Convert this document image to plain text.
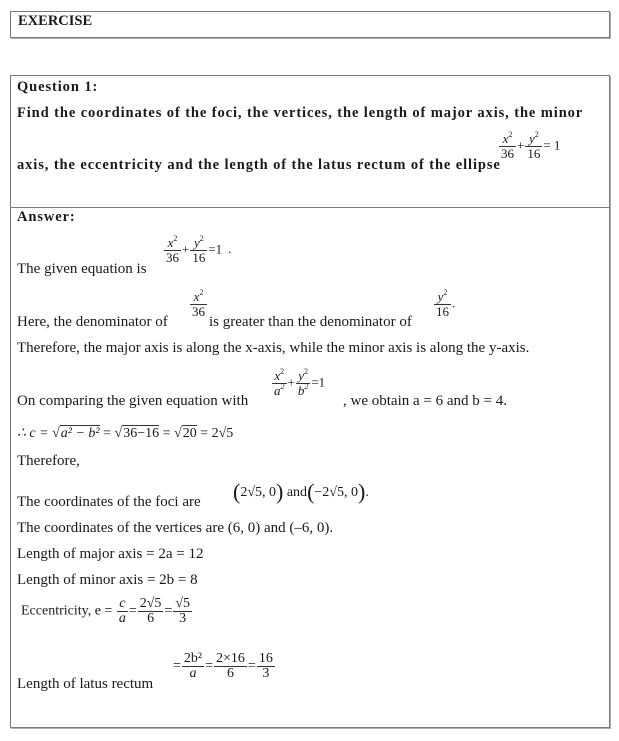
EXERCISE
Question 1:
Find the coordinates of the foci, the vertices, the length of major axis, the minor
axis, the eccentricity and the length of the latus rectum of the ellipse
$\frac{x^2}{36} + \frac{y^2}{16} = 1$
Answer:
The given equation is
$\frac{x^2}{36} + \frac{y^2}{16} =1$ .
Here, the denominator of
$\frac{x^2}{36}$
is greater than the denominator of
$\frac{y^2}{16}$ .
Therefore, the major axis is along the x-axis, while the minor axis is along the y-axis.
On comparing the given equation with
$\frac{x^2}{a^2} + \frac{y^2}{b^2} =1$
, we obtain a = 6 and b = 4.
∴ c = √a² − b² = √36−16 = √20 = 2√5
Therefore,
The coordinates of the foci are (2√5, 0) and(−2√5, 0).
The coordinates of the vertices are (6, 0) and (–6, 0).
Length of major axis = 2a = 12
Length of minor axis = 2b = 8
Eccentricity, $e = \frac{c}{a} = \frac{2√5}{6} = \frac{√5}{3}$
Length of latus rectum
= $\frac{\text{2b²}}{a} = \frac{2\times 16}{6} = \frac{16}{3}$
